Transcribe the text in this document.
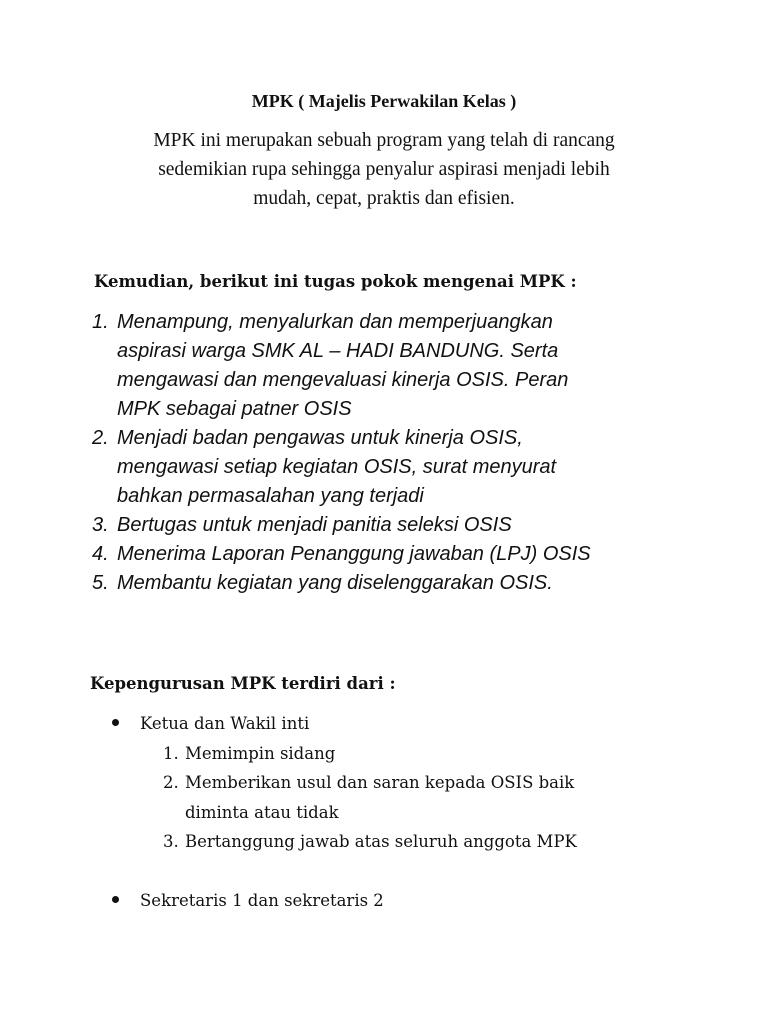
MPK ( Majelis Perwakilan Kelas )
MPK ini merupakan sebuah program yang telah di rancang
sedemikian rupa sehingga penyalur aspirasi menjadi lebih
mudah, cepat, praktis dan efisien.
Kemudian, berikut ini tugas pokok mengenai MPK :
1. Menampung, menyalurkan dan memperjuangkan
aspirasi warga SMK AL – HADI BANDUNG. Serta
mengawasi dan mengevaluasi kinerja OSIS. Peran
MPK sebagai patner OSIS
2. Menjadi badan pengawas untuk kinerja OSIS,
mengawasi setiap kegiatan OSIS, surat menyurat
bahkan permasalahan yang terjadi
3. Bertugas untuk menjadi panitia seleksi OSIS
4. Menerima Laporan Penanggung jawaban (LPJ) OSIS
5. Membantu kegiatan yang diselenggarakan OSIS.
Kepengurusan MPK terdiri dari :
Ketua dan Wakil inti
1. Memimpin sidang
2. Memberikan usul dan saran kepada OSIS baik
diminta atau tidak
3. Bertanggung jawab atas seluruh anggota MPK
Sekretaris 1 dan sekretaris 2
